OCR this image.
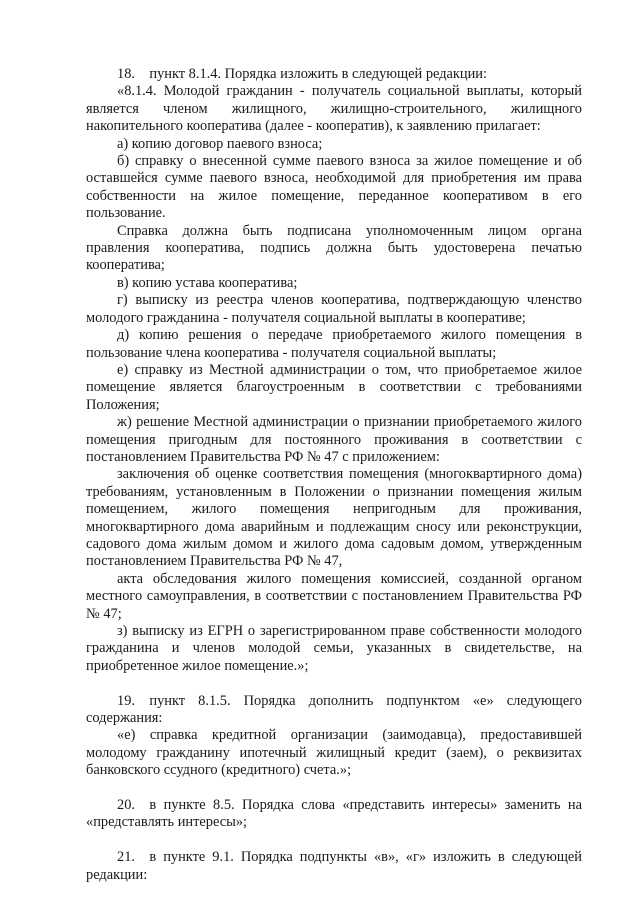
18. пункт 8.1.4. Порядка изложить в следующей редакции:

«8.1.4. Молодой гражданин - получатель социальной выплаты, который является членом жилищного, жилищно-строительного, жилищного накопительного кооператива (далее - кооператив), к заявлению прилагает:

а) копию договор паевого взноса;

б) справку о внесенной сумме паевого взноса за жилое помещение и об оставшейся сумме паевого взноса, необходимой для приобретения им права собственности на жилое помещение, переданное кооперативом в его пользование.

Справка должна быть подписана уполномоченным лицом органа правления кооператива, подпись должна быть удостоверена печатью кооператива;

в) копию устава кооператива;

г) выписку из реестра членов кооператива, подтверждающую членство молодого гражданина - получателя социальной выплаты в кооперативе;

д) копию решения о передаче приобретаемого жилого помещения в пользование члена кооператива - получателя социальной выплаты;

е) справку из Местной администрации о том, что приобретаемое жилое помещение является благоустроенным в соответствии с требованиями Положения;

ж) решение Местной администрации о признании приобретаемого жилого помещения пригодным для постоянного проживания в соответствии с постановлением Правительства РФ № 47 с приложением:

заключения об оценке соответствия помещения (многоквартирного дома) требованиям, установленным в Положении о признании помещения жилым помещением, жилого помещения непригодным для проживания, многоквартирного дома аварийным и подлежащим сносу или реконструкции, садового дома жилым домом и жилого дома садовым домом, утвержденным постановлением Правительства РФ № 47,

акта обследования жилого помещения комиссией, созданной органом местного самоуправления, в соответствии с постановлением Правительства РФ № 47;

з) выписку из ЕГРН о зарегистрированном праве собственности молодого гражданина и членов молодой семьи, указанных в свидетельстве, на приобретенное жилое помещение.»;

19. пункт 8.1.5. Порядка дополнить подпунктом «е» следующего содержания:

«е) справка кредитной организации (заимодавца), предоставившей молодому гражданину ипотечный жилищный кредит (заем), о реквизитах банковского ссудного (кредитного) счета.»;

20. в пункте 8.5. Порядка слова «представить интересы» заменить на «представлять интересы»;

21. в пункте 9.1. Порядка подпункты «в», «г» изложить в следующей редакции:
